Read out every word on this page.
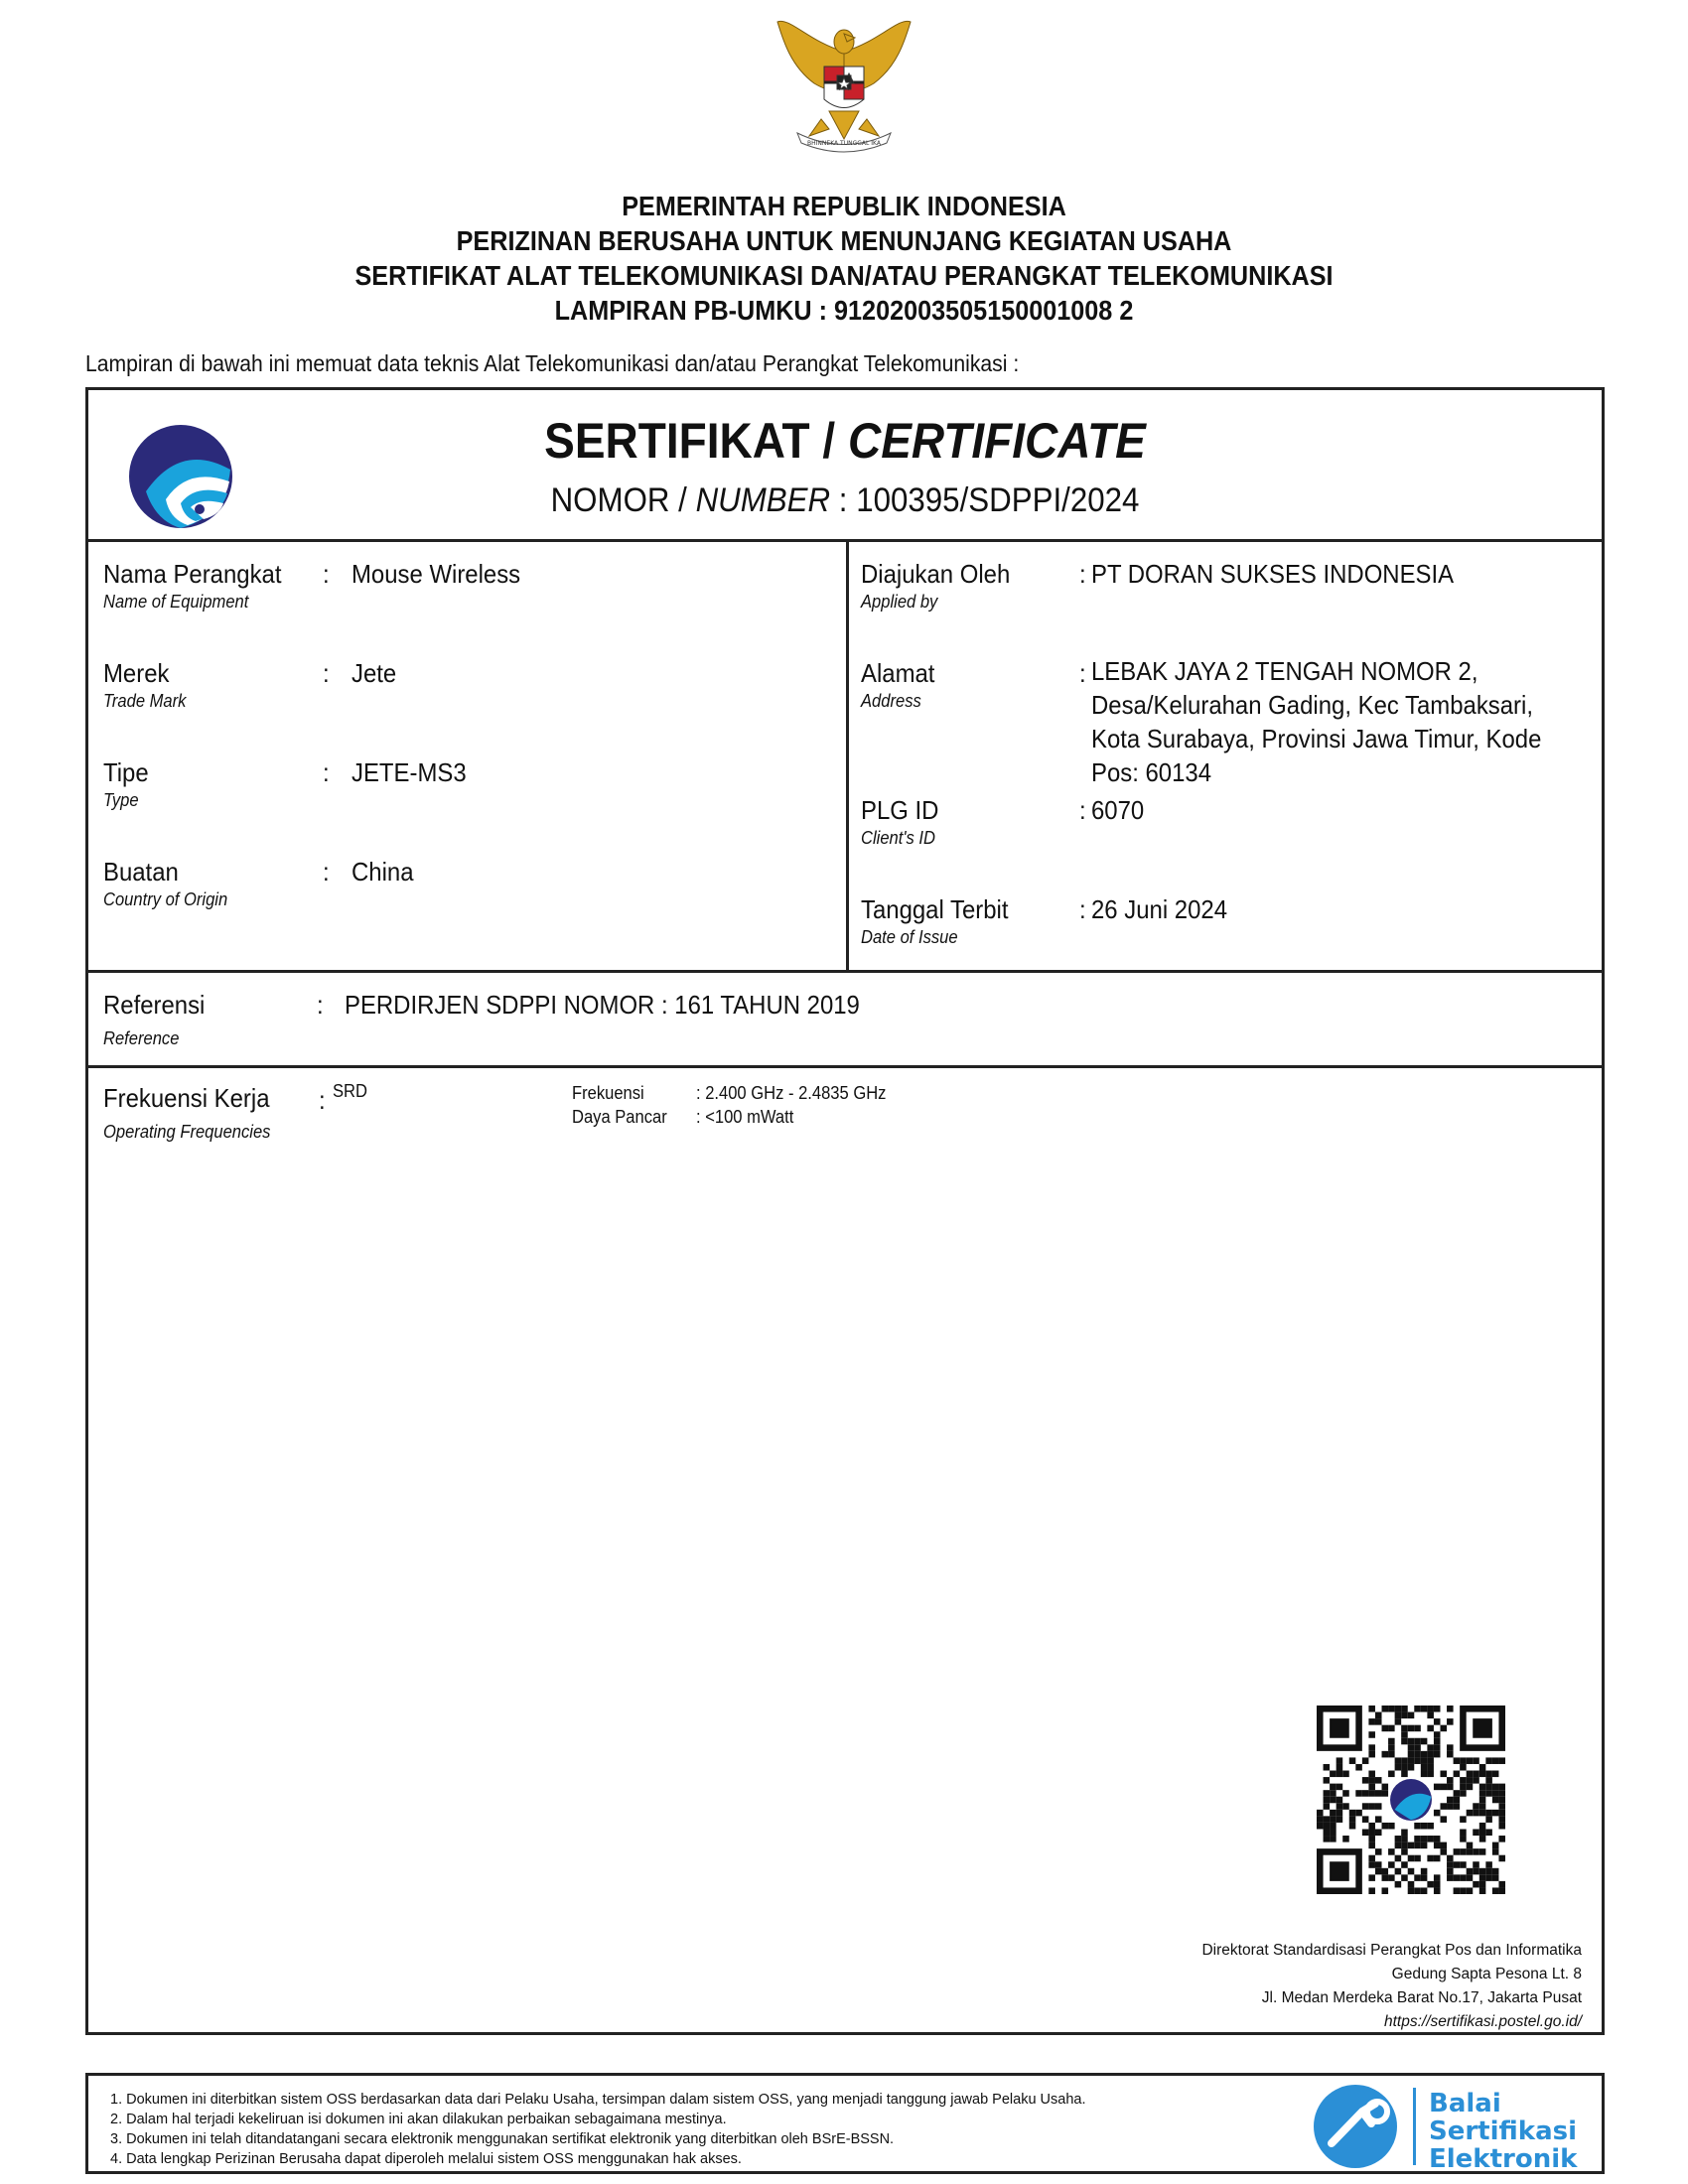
BHINNEKA TUNGGAL IKA
PEMERINTAH REPUBLIK INDONESIA
PERIZINAN BERUSAHA UNTUK MENUNJANG KEGIATAN USAHA
SERTIFIKAT ALAT TELEKOMUNIKASI DAN/ATAU PERANGKAT TELEKOMUNIKASI
LAMPIRAN PB-UMKU : 91202003505150001008 2
Lampiran di bawah ini memuat data teknis Alat Telekomunikasi dan/atau Perangkat Telekomunikasi :
SERTIFIKAT / CERTIFICATE
NOMOR / NUMBER : 100395/SDPPI/2024
Nama Perangkat
Name of Equipment
: Mouse Wireless
Merek
Trade Mark
: Jete
Tipe
Type
: JETE-MS3
Buatan
Country of Origin
: China
Diajukan Oleh
Applied by
: PT DORAN SUKSES INDONESIA
Alamat
Address
: LEBAK JAYA 2 TENGAH NOMOR 2, Desa/Kelurahan Gading, Kec Tambaksari, Kota Surabaya, Provinsi Jawa Timur, Kode Pos: 60134
PLG ID
Client's ID
: 6070
Tanggal Terbit
Date of Issue
: 26 Juni 2024
Referensi
Reference
: PERDIRJEN SDPPI NOMOR : 161 TAHUN 2019
Frekuensi Kerja
Operating Frequencies
: SRD	Frekuensi	: 2.400 GHz - 2.4835 GHz
Daya Pancar : <100 mWatt
Direktorat Standardisasi Perangkat Pos dan Informatika
Gedung Sapta Pesona Lt. 8
Jl. Medan Merdeka Barat No.17, Jakarta Pusat
https://sertifikasi.postel.go.id/
1. Dokumen ini diterbitkan sistem OSS berdasarkan data dari Pelaku Usaha, tersimpan dalam sistem OSS, yang menjadi tanggung jawab Pelaku Usaha.
2. Dalam hal terjadi kekeliruan isi dokumen ini akan dilakukan perbaikan sebagaimana mestinya.
3. Dokumen ini telah ditandatangani secara elektronik menggunakan sertifikat elektronik yang diterbitkan oleh BSrE-BSSN.
4. Data lengkap Perizinan Berusaha dapat diperoleh melalui sistem OSS menggunakan hak akses.
Balai
Sertifikasi
Elektronik
